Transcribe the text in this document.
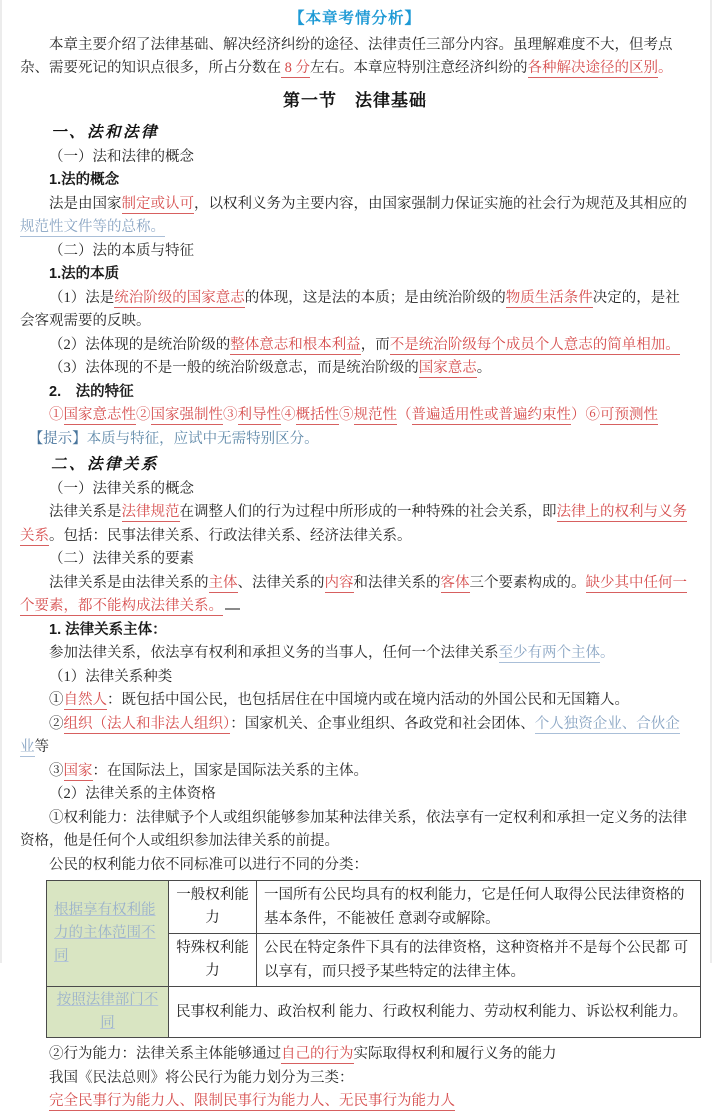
【本章考情分析】

本章主要介绍了法律基础、解决经济纠纷的途径、法律责任三部分内容。虽理解难度不大，但考点杂、需要死记的知识点很多，所占分数在 8 分左右。本章应特别注意经济纠纷的各种解决途径的区别。

第一节　法律基础

一、法和法律

（一）法和法律的概念

1.法的概念

法是由国家制定或认可，以权利义务为主要内容，由国家强制力保证实施的社会行为规范及其相应的规范性文件等的总称。

（二）法的本质与特征

1.法的本质

（1）法是统治阶级的国家意志的体现，这是法的本质；是由统治阶级的物质生活条件决定的，是社会客观需要的反映。

（2）法体现的是统治阶级的整体意志和根本利益，而不是统治阶级每个成员个人意志的简单相加。

（3）法体现的不是一般的统治阶级意志，而是统治阶级的国家意志。

2.　法的特征

①国家意志性②国家强制性③利导性④概括性⑤规范性（普遍适用性或普遍约束性）⑥可预测性

【提示】本质与特征，应试中无需特别区分。

二、法律关系

（一）法律关系的概念

法律关系是法律规范在调整人们的行为过程中所形成的一种特殊的社会关系，即法律上的权利与义务关系。包括：民事法律关系、行政法律关系、经济法律关系。

（二）法律关系的要素

法律关系是由法律关系的主体、法律关系的内容和法律关系的客体三个要素构成的。缺少其中任何一个要素，都不能构成法律关系。

1. 法律关系主体：

参加法律关系，依法享有权利和承担义务的当事人，任何一个法律关系至少有两个主体。

（1）法律关系种类

①自然人：既包括中国公民，也包括居住在中国境内或在境内活动的外国公民和无国籍人。

②组织（法人和非法人组织）：国家机关、企事业组织、各政党和社会团体、个人独资企业、合伙企业等

③国家：在国际法上，国家是国际法关系的主体。

（2）法律关系的主体资格

①权利能力：法律赋予个人或组织能够参加某种法律关系，依法享有一定权利和承担一定义务的法律资格，他是任何个人或组织参加法律关系的前提。

公民的权利能力依不同标准可以进行不同的分类：

根据享有权利能力的主体范围不同	一般权利能力	一国所有公民均具有的权利能力，它是任何人取得公民法律资格的基本条件，不能被任 意剥夺或解除。
	特殊权利能力	公民在特定条件下具有的法律资格，这种资格并不是每个公民都 可以享有，而只授予某些特定的法律主体。
按照法律部门不同	民事权利能力、政治权利 能力、行政权利能力、劳动权利能力、诉讼权利能力。	

②行为能力：法律关系主体能够通过自己的行为实际取得权利和履行义务的能力

我国《民法总则》将公民行为能力划分为三类：

完全民事行为能力人、限制民事行为能力人、无民事行为能力人
